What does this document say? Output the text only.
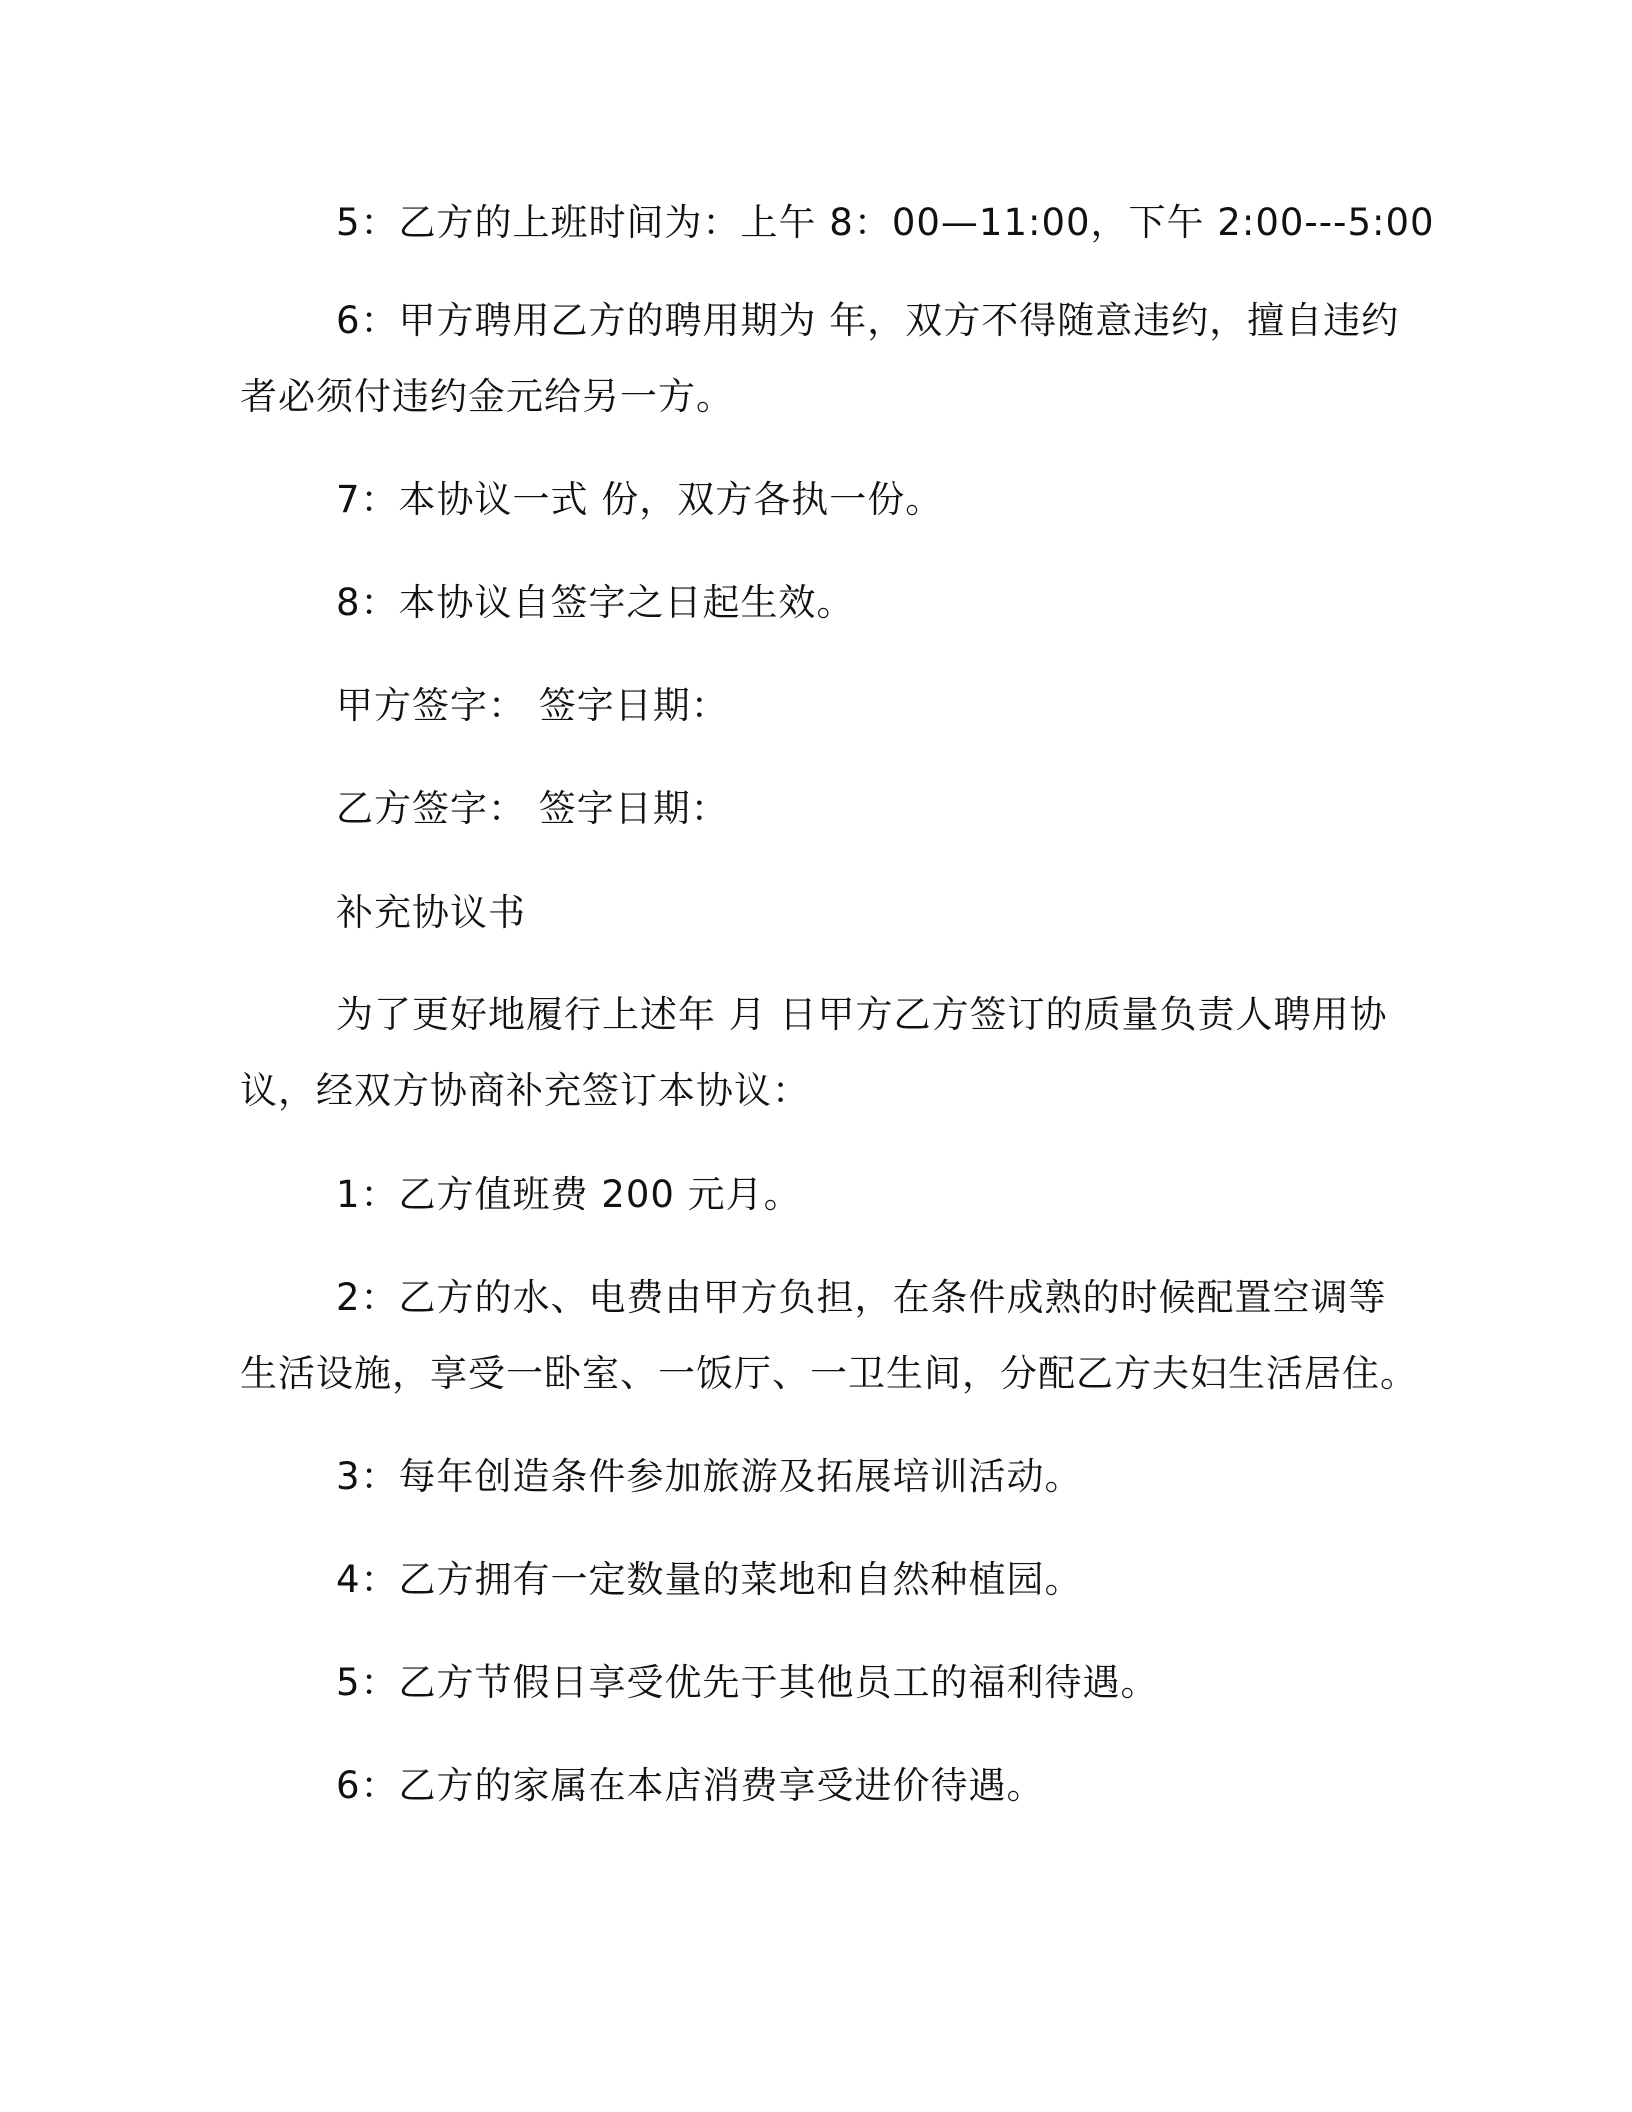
5：乙方的上班时间为：上午 8：00—11:00，下午 2:00---5:00
6：甲方聘用乙方的聘用期为 年，双方不得随意违约，擅自违约
者必须付违约金元给另一方。
7：本协议一式 份，双方各执一份。
8：本协议自签字之日起生效。
甲方签字： 签字日期：
乙方签字： 签字日期：
补充协议书
为了更好地履行上述年 月 日甲方乙方签订的质量负责人聘用协
议，经双方协商补充签订本协议：
1：乙方值班费 200 元月。
2：乙方的水、电费由甲方负担，在条件成熟的时候配置空调等
生活设施，享受一卧室、一饭厅、一卫生间，分配乙方夫妇生活居住。
3：每年创造条件参加旅游及拓展培训活动。
4：乙方拥有一定数量的菜地和自然种植园。
5：乙方节假日享受优先于其他员工的福利待遇。
6：乙方的家属在本店消费享受进价待遇。
